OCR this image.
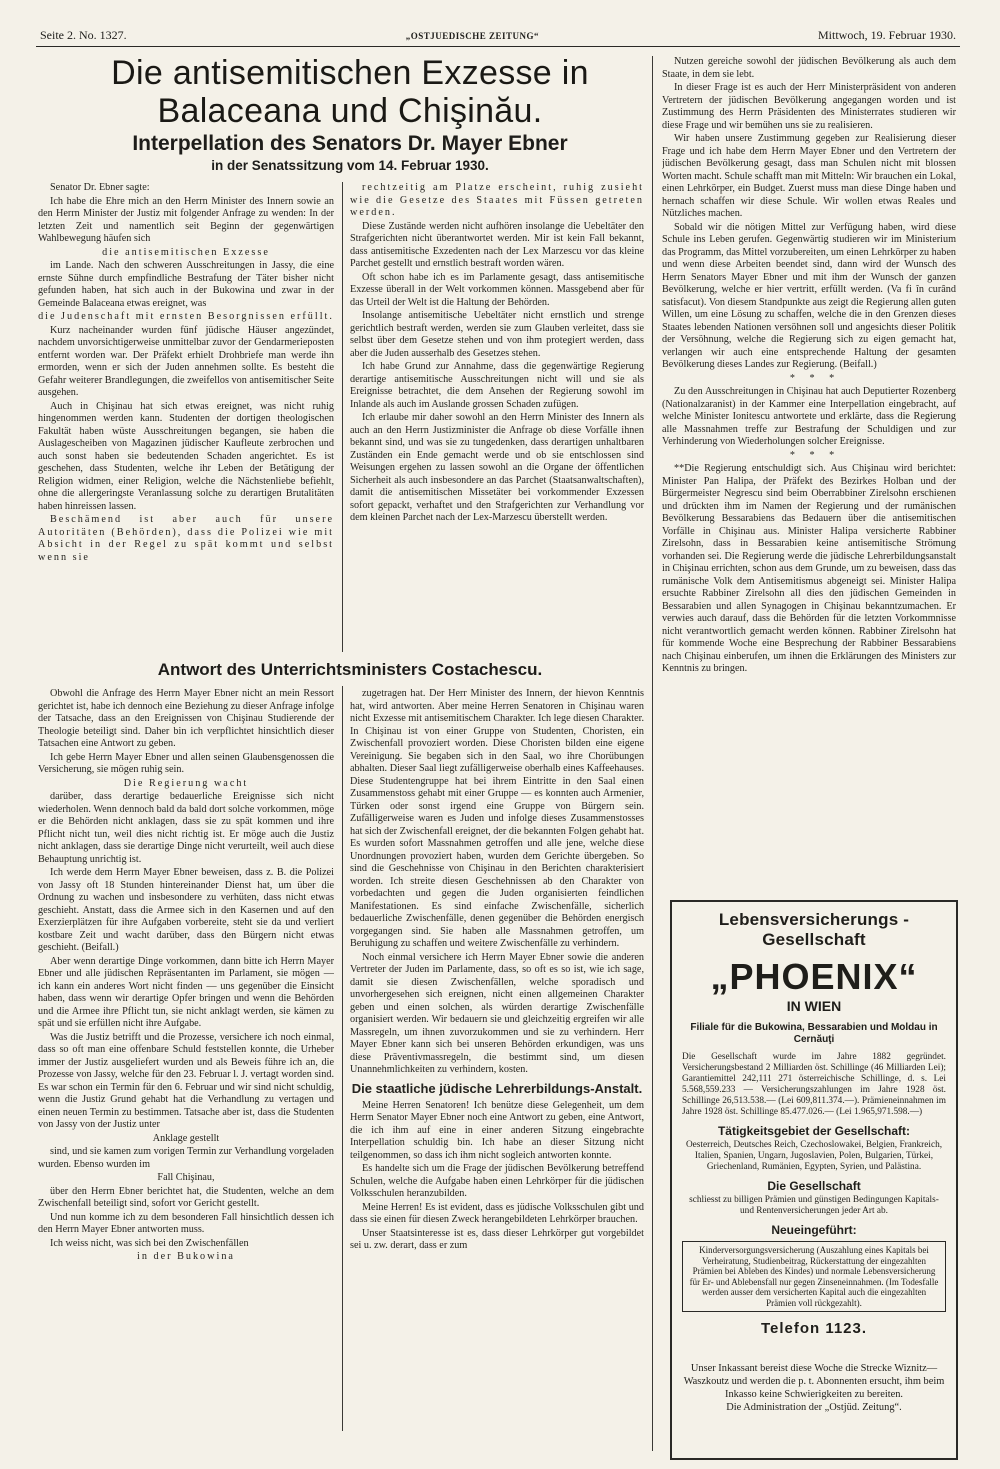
Seite 2. No. 1327.	„OSTJUEDISCHE ZEITUNG“	Mittwoch, 19. Februar 1930.
Die antisemitischen Exzesse in Balaceana und Chişinău.
Interpellation des Senators Dr. Mayer Ebner
in der Senatssitzung vom 14. Februar 1930.

Senator Dr. Ebner sagte:

Ich habe die Ehre mich an den Herrn Minister des Innern sowie an den Herrn Minister der Justiz mit folgender Anfrage zu wenden: In der letzten Zeit und namentlich seit Beginn der gegenwärtigen Wahlbewegung häufen sich

die antisemitischen Exzesse

im Lande. Nach den schweren Ausschreitungen in Jassy, die eine ernste Sühne durch empfindliche Bestrafung der Täter bisher nicht gefunden haben, hat sich auch in der Bukowina und zwar in der Gemeinde Balaceana etwas ereignet, was

die Judenschaft mit ernsten Besorgnissen erfüllt.

Kurz nacheinander wurden fünf jüdische Häuser angezündet, nachdem unvorsichtigerweise unmittelbar zuvor der Gendarmerieposten entfernt worden war. Der Präfekt erhielt Drohbriefe man werde ihn ermorden, wenn er sich der Juden annehmen sollte. Es besteht die Gefahr weiterer Brandlegungen, die zweifellos von antisemitischer Seite ausgehen.

Auch in Chişinau hat sich etwas ereignet, was nicht ruhig hingenommen werden kann. Studenten der dortigen theologischen Fakultät haben wüste Ausschreitungen begangen, sie haben die Auslagescheiben von Magazinen jüdischer Kaufleute zerbrochen und auch sonst haben sie bedeutenden Schaden angerichtet. Es ist geschehen, dass Studenten, welche ihr Leben der Betätigung der Religion widmen, einer Religion, welche die Nächstenliebe befiehlt, ohne die allergeringste Veranlassung solche zu derartigen Brutalitäten haben hinreissen lassen.

Beschämend ist aber auch für unsere Autoritäten (Behörden), dass die Polizei wie mit Absicht in der Regel zu spät kommt und selbst wenn sie

rechtzeitig am Platze erscheint, ruhig zusieht wie die Gesetze des Staates mit Füssen getreten werden.

Diese Zustände werden nicht aufhören insolange die Uebeltäter den Strafgerichten nicht überantwortet werden. Mir ist kein Fall bekannt, dass antisemitische Exzedenten nach der Lex Marzescu vor das kleine Parchet gestellt und ernstlich bestraft worden wären.

Oft schon habe ich es im Parlamente gesagt, dass antisemitische Exzesse überall in der Welt vorkommen können. Massgebend aber für das Urteil der Welt ist die Haltung der Behörden.

Insolange antisemitische Uebeltäter nicht ernstlich und strenge gerichtlich bestraft werden, werden sie zum Glauben verleitet, dass sie selbst über dem Gesetze stehen und von ihm protegiert werden, dass aber die Juden ausserhalb des Gesetzes stehen.

Ich habe Grund zur Annahme, dass die gegenwärtige Regierung derartige antisemitische Ausschreitungen nicht will und sie als Ereignisse betrachtet, die dem Ansehen der Regierung sowohl im Inlande als auch im Auslande grossen Schaden zufügen.

Ich erlaube mir daher sowohl an den Herrn Minister des Innern als auch an den Herrn Justizminister die Anfrage ob diese Vorfälle ihnen bekannt sind, und was sie zu tungedenken, dass derartigen unhaltbaren Zuständen ein Ende gemacht werde und ob sie entschlossen sind Weisungen ergehen zu lassen sowohl an die Organe der öffentlichen Sicherheit als auch insbesondere an das Parchet (Staatsanwaltschaften), damit die antisemitischen Missetäter bei vorkommender Exzessen sofort gepackt, verhaftet und den Strafgerichten zur Verhandlung vor dem kleinen Parchet nach der Lex-Marzescu überstellt werden.

Antwort des Unterrichtsministers Costachescu.

Obwohl die Anfrage des Herrn Mayer Ebner nicht an mein Ressort gerichtet ist, habe ich dennoch eine Beziehung zu dieser Anfrage infolge der Tatsache, dass an den Ereignissen von Chişinau Studierende der Theologie beteiligt sind. Daher bin ich verpflichtet hinsichtlich dieser Tatsachen eine Antwort zu geben.

Ich gebe Herrn Mayer Ebner und allen seinen Glaubensgenossen die Versicherung, sie mögen ruhig sein.

Die Regierung wacht

darüber, dass derartige bedauerliche Ereignisse sich nicht wiederholen. Wenn dennoch bald da bald dort solche vorkommen, möge er die Behörden nicht anklagen, dass sie zu spät kommen und ihre Pflicht nicht tun, weil dies nicht richtig ist. Er möge auch die Justiz nicht anklagen, dass sie derartige Dinge nicht verurteilt, weil auch diese Behauptung unrichtig ist.

Ich werde dem Herrn Mayer Ebner beweisen, dass z. B. die Polizei von Jassy oft 18 Stunden hintereinander Dienst hat, um über die Ordnung zu wachen und insbesondere zu verhüten, dass nicht etwas geschieht. Anstatt, dass die Armee sich in den Kasernen und auf den Exerzierplätzen für ihre Aufgaben vorbereite, steht sie da und verliert kostbare Zeit und wacht darüber, dass den Bürgern nicht etwas geschieht. (Beifall.)

Aber wenn derartige Dinge vorkommen, dann bitte ich Herrn Mayer Ebner und alle jüdischen Repräsentanten im Parlament, sie mögen — ich kann ein anderes Wort nicht finden — uns gegenüber die Einsicht haben, dass wenn wir derartige Opfer bringen und wenn die Behörden und die Armee ihre Pflicht tun, sie nicht anklagt werden, sie kämen zu spät und sie erfüllen nicht ihre Aufgabe.

Was die Justiz betrifft und die Prozesse, versichere ich noch einmal, dass so oft man eine offenbare Schuld feststellen konnte, die Urheber immer der Justiz ausgeliefert wurden und als Beweis führe ich an, die Prozesse von Jassy, welche für den 23. Februar l. J. vertagt worden sind. Es war schon ein Termin für den 6. Februar und wir sind nicht schuldig, wenn die Justiz Grund gehabt hat die Verhandlung zu vertagen und einen neuen Termin zu bestimmen. Tatsache aber ist, dass die Studenten von Jassy von der Justiz unter

Anklage gestellt

sind, und sie kamen zum vorigen Termin zur Verhandlung vorgeladen wurden. Ebenso wurden im

Fall Chişinau,

über den Herrn Ebner berichtet hat, die Studenten, welche an dem Zwischenfall beteiligt sind, sofort vor Gericht gestellt.

Und nun komme ich zu dem besonderen Fall hinsichtlich dessen ich den Herrn Mayer Ebner antworten muss.

Ich weiss nicht, was sich bei den Zwischenfällen

in der Bukowina

zugetragen hat. Der Herr Minister des Innern, der hievon Kenntnis hat, wird antworten. Aber meine Herren Senatoren in Chişinau waren nicht Exzesse mit antisemitischem Charakter. Ich lege diesen Charakter. In Chişinau ist von einer Gruppe von Studenten, Choristen, ein Zwischenfall provoziert worden. Diese Choristen bilden eine eigene Vereinigung. Sie begaben sich in den Saal, wo ihre Chorübungen abhalten. Dieser Saal liegt zufälligerweise oberhalb eines Kaffeehauses. Diese Studentengruppe hat bei ihrem Eintritte in den Saal einen Zusammenstoss gehabt mit einer Gruppe — es konnten auch Armenier, Türken oder sonst irgend eine Gruppe von Bürgern sein. Zufälligerweise waren es Juden und infolge dieses Zusammenstosses hat sich der Zwischenfall ereignet, der die bekannten Folgen gehabt hat. Es wurden sofort Massnahmen getroffen und alle jene, welche diese Unordnungen provoziert haben, wurden dem Gerichte übergeben. So sind die Geschehnisse von Chişinau in den Berichten charakterisiert worden. Ich streite diesen Geschehnissen ab den Charakter von vorbedachten und gegen die Juden organisierten feindlichen Manifestationen. Es sind einfache Zwischenfälle, sicherlich bedauerliche Zwischenfälle, denen gegenüber die Behörden energisch vorgegangen sind. Sie haben alle Massnahmen getroffen, um Beruhigung zu schaffen und weitere Zwischenfälle zu verhindern.

Noch einmal versichere ich Herrn Mayer Ebner sowie die anderen Vertreter der Juden im Parlamente, dass, so oft es so ist, wie ich sage, damit sie diesen Zwischenfällen, welche sporadisch und unvorhergesehen sich ereignen, nicht einen allgemeinen Charakter geben und einen solchen, als würden derartige Zwischenfälle organisiert werden. Wir bedauern sie und gleichzeitig ergreifen wir alle Massregeln, um ihnen zuvorzukommen und sie zu verhindern. Herr Mayer Ebner kann sich bei unseren Behörden erkundigen, was uns diese Präventivmassregeln, die bestimmt sind, um diesen Unannehmlichkeiten zu verhindern, kosten.

Die staatliche jüdische Lehrerbildungs-Anstalt.

Meine Herren Senatoren! Ich benütze diese Gelegenheit, um dem Herrn Senator Mayer Ebner noch eine Antwort zu geben, eine Antwort, die ich ihm auf eine in einer anderen Sitzung eingebrachte Interpellation schuldig bin. Ich habe an dieser Sitzung nicht teilgenommen, so dass ich ihm nicht sogleich antworten konnte.

Es handelte sich um die Frage der jüdischen Bevölkerung betreffend Schulen, welche die Aufgabe haben einen Lehrkörper für die jüdischen Volksschulen heranzubilden.

Meine Herren! Es ist evident, dass es jüdische Volksschulen gibt und dass sie einen für diesen Zweck herangebildeten Lehrkörper brauchen.

Unser Staatsinteresse ist es, dass dieser Lehrkörper gut vorgebildet sei u. zw. derart, dass er zum

Nutzen gereiche sowohl der jüdischen Bevölkerung als auch dem Staate, in dem sie lebt.

In dieser Frage ist es auch der Herr Ministerpräsident von anderen Vertretern der jüdischen Bevölkerung angegangen worden und ist Zustimmung des Herrn Präsidenten des Ministerrates studieren wir diese Frage und wir bemühen uns sie zu realisieren.

Wir haben unsere Zustimmung gegeben zur Realisierung dieser Frage und ich habe dem Herrn Mayer Ebner und den Vertretern der jüdischen Bevölkerung gesagt, dass man Schulen nicht mit blossen Worten macht. Schule schafft man mit Mitteln: Wir brauchen ein Lokal, einen Lehrkörper, ein Budget. Zuerst muss man diese Dinge haben und hernach schaffen wir diese Schule. Wir wollen etwas Reales und Nützliches machen.

Sobald wir die nötigen Mittel zur Verfügung haben, wird diese Schule ins Leben gerufen. Gegenwärtig studieren wir im Ministerium das Programm, das Mittel vorzubereiten, um einen Lehrkörper zu haben und wenn diese Arbeiten beendet sind, dann wird der Wunsch des Herrn Senators Mayer Ebner und mit ihm der Wunsch der ganzen Bevölkerung, welche er hier vertritt, erfüllt werden. (Va fi în curând satisfacut). Von diesem Standpunkte aus zeigt die Regierung allen guten Willen, um eine Lösung zu schaffen, welche die in den Grenzen dieses Staates lebenden Nationen versöhnen soll und angesichts dieser Politik der Versöhnung, welche die Regierung sich zu eigen gemacht hat, verlangen wir auch eine entsprechende Haltung der gesamten Bevölkerung dieses Landes zur Regierung. (Beifall.)

* * *

Zu den Ausschreitungen in Chişinau hat auch Deputierter Rozenberg (Nationalzaranist) in der Kammer eine Interpellation eingebracht, auf welche Minister Ionitescu antwortete und erklärte, dass die Regierung alle Massnahmen treffe zur Bestrafung der Schuldigen und zur Verhinderung von Wiederholungen solcher Ereignisse.

* * *

**Die Regierung entschuldigt sich. Aus Chişinau wird berichtet: Minister Pan Halipa, der Präfekt des Bezirkes Holban und der Bürgermeister Negrescu sind beim Oberrabbiner Zirelsohn erschienen und drückten ihm im Namen der Regierung und der rumänischen Bevölkerung Bessarabiens das Bedauern über die antisemitischen Vorfälle in Chişinau aus. Minister Halipa versicherte Rabbiner Zirelsohn, dass in Bessarabien keine antisemitische Strömung vorhanden sei. Die Regierung werde die jüdische Lehrerbildungsanstalt in Chişinau errichten, schon aus dem Grunde, um zu beweisen, dass das rumänische Volk dem Antisemitismus abgeneigt sei. Minister Halipa ersuchte Rabbiner Zirelsohn all dies den jüdischen Gemeinden in Bessarabien und allen Synagogen in Chişinau bekanntzumachen. Er verwies auch darauf, dass die Behörden für die letzten Vorkommnisse nicht verantwortlich gemacht werden können. Rabbiner Zirelsohn hat für kommende Woche eine Besprechung der Rabbiner Bessarabiens nach Chişinau einberufen, um ihnen die Erklärungen des Ministers zur Kenntnis zu bringen.

Lebensversicherungs - Gesellschaft
„PHOENIX“
IN WIEN
Filiale für die Bukowina, Bessarabien und Moldau in Cernăuţi
Die Gesellschaft wurde im Jahre 1882 gegründet. Versicherungsbestand 2 Milliarden öst. Schillinge (46 Milliarden Lei); Garantiemittel 242,111 271 österreichische Schillinge, d. s. Lei 5.568,559.233 — Versicherungszahlungen im Jahre 1928 öst. Schillinge 26,513.538.— (Lei 609,811.374.—). Prämieneinnahmen im Jahre 1928 öst. Schillinge 85.477.026.— (Lei 1.965,971.598.—)
Tätigkeitsgebiet der Gesellschaft:
Oesterreich, Deutsches Reich, Czechoslowakei, Belgien, Frankreich, Italien, Spanien, Ungarn, Jugoslavien, Polen, Bulgarien, Türkei, Griechenland, Rumänien, Egypten, Syrien, und Palästina.
Die Gesellschaft
schliesst zu billigen Prämien und günstigen Bedingungen Kapitals- und Rentenversicherungen jeder Art ab.
Neueingeführt:
Kinderversorgungsversicherung (Auszahlung eines Kapitals bei Verheiratung, Studienbeitrag, Rückerstattung der eingezahlten Prämien bei Ableben des Kindes) und normale Lebensversicherung für Er- und Ablebensfall nur gegen Zinseneinnahmen. (Im Todesfalle werden ausser dem versicherten Kapital auch die eingezahlten Prämien voll rückgezahlt).
Telefon 1123.
Unser Inkassant bereist diese Woche die Strecke Wiznitz—Waszkoutz und werden die p. t. Abonnenten ersucht, ihm beim Inkasso keine Schwierigkeiten zu bereiten.
Die Administration der „Ostjüd. Zeitung“.
